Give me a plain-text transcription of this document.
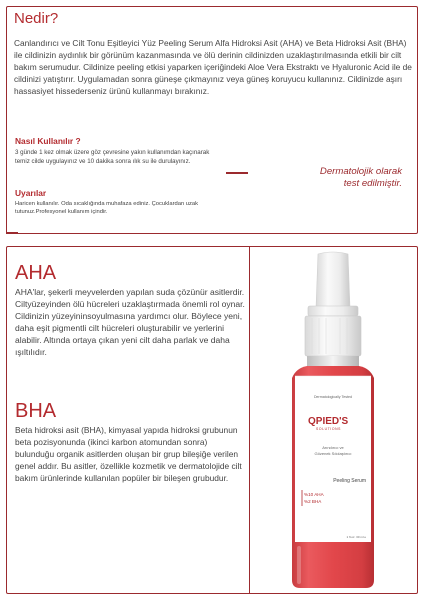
Nedir?

Canlandırıcı ve Cilt Tonu Eşitleyici Yüz Peeling Serum Alfa Hidroksi Asit (AHA) ve Beta Hidroksi Asit (BHA) ile cildinizin aydınlık bir görünüm kazanmasında ve ölü derinin cildinizden uzaklaştırılmasında etkili bir cilt bakım serumudur. Cildinize peeling etkisi yaparken içeriğindeki Aloe Vera Ekstraktı ve Hyaluronic Acid ile de cildinizi yatıştırır. Uygulamadan sonra güneşe çıkmayınız veya güneş koruyucu kullanınız. Cildinizde aşırı hassasiyet hissederseniz ürünü kullanmayı bırakınız.

Nasıl Kullanılır ?

3 günde 1 kez olmak üzere göz çevresine yakın kullanımdan kaçınarak temiz cilde uygulayınız ve 10 dakika sonra ılık su ile durulayınız.

Uyarılar

Haricen kullanılır. Oda sıcaklığında muhafaza ediniz. Çocuklardan uzak tutunuz.Profesyonel kullanım içindir.

Dermatolojik olarak
test edilmiştir.
AHA

AHA'lar, şekerli meyvelerden yapılan suda çözünür asitlerdir. Ciltyüzeyinden ölü hücreleri uzaklaştırmada önemli rol oynar. Cildinizin yüzeyininsoyulmasına yardımcı olur. Böylece yeni, daha eşit pigmentli cilt hücreleri oluşturabilir ve yerlerini alabilir. Altında ortaya çıkan yeni cilt daha parlak ve daha ışıltılıdır.

BHA

Beta hidroksi asit (BHA), kimyasal yapıda hidroksi grubunun beta pozisyonunda (ikinci karbon atomundan sonra) bulunduğu organik asitlerden oluşan bir grup bileşiğe verilen genel addır. Bu asitler, özellikle kozmetik ve dermatolojide cilt bakım ürünlerinde kullanılan popüler bir bileşen grubudur.

Dermatologically Tested
QPIED'S
SOLUTIONS
Arındırıcı ve
Gözenek Sıkılaştırıcı
Peeling Serum
%10 AHA
%2 BHA
1 fl.oz. 30 ml e
